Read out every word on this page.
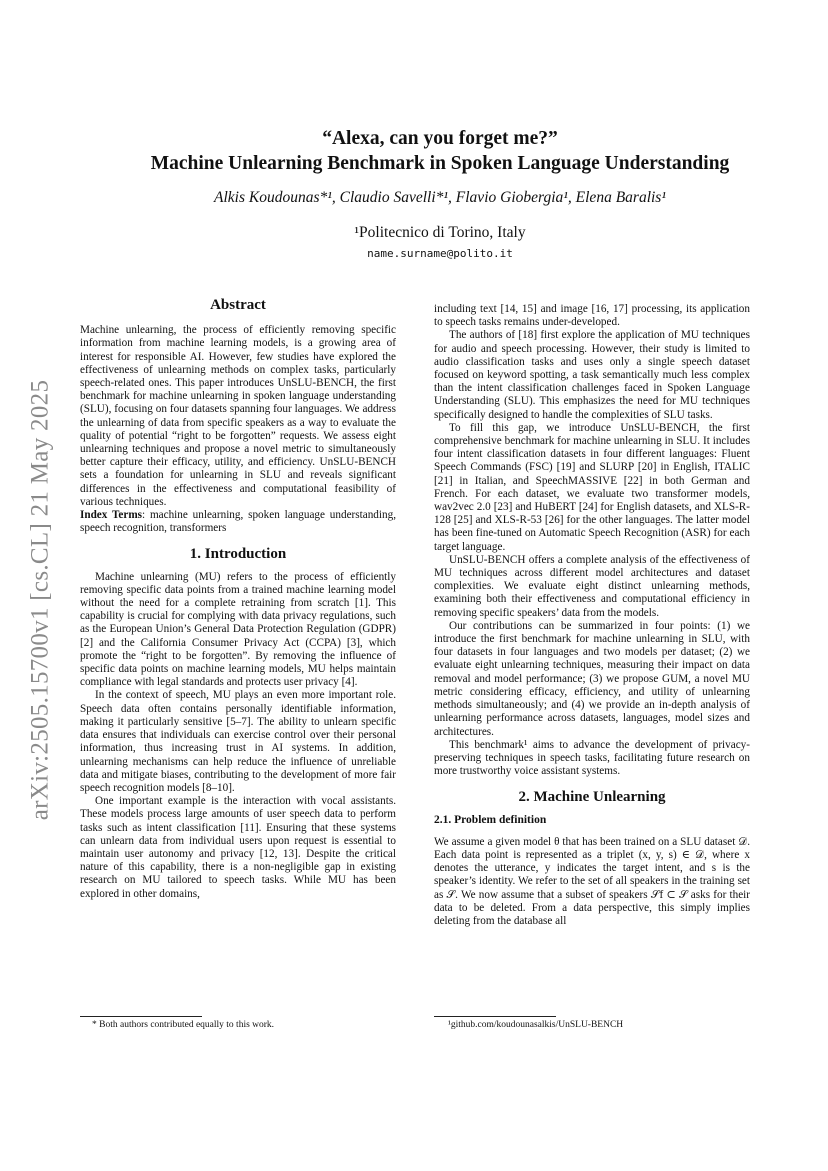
arXiv:2505.15700v1 [cs.CL] 21 May 2025
“Alexa, can you forget me?”
Machine Unlearning Benchmark in Spoken Language Understanding
Alkis Koudounas*¹, Claudio Savelli*¹, Flavio Giobergia¹, Elena Baralis¹
¹Politecnico di Torino, Italy
name.surname@polito.it
Abstract

Machine unlearning, the process of efficiently removing specific information from machine learning models, is a growing area of interest for responsible AI. However, few studies have explored the effectiveness of unlearning methods on complex tasks, particularly speech-related ones. This paper introduces UnSLU-BENCH, the first benchmark for machine unlearning in spoken language understanding (SLU), focusing on four datasets spanning four languages. We address the unlearning of data from specific speakers as a way to evaluate the quality of potential “right to be forgotten” requests. We assess eight unlearning techniques and propose a novel metric to simultaneously better capture their efficacy, utility, and efficiency. UnSLU-BENCH sets a foundation for unlearning in SLU and reveals significant differences in the effectiveness and computational feasibility of various techniques.

Index Terms: machine unlearning, spoken language understanding, speech recognition, transformers

1. Introduction

Machine unlearning (MU) refers to the process of efficiently removing specific data points from a trained machine learning model without the need for a complete retraining from scratch [1]. This capability is crucial for complying with data privacy regulations, such as the European Union’s General Data Protection Regulation (GDPR) [2] and the California Consumer Privacy Act (CCPA) [3], which promote the “right to be forgotten”. By removing the influence of specific data points on machine learning models, MU helps maintain compliance with legal standards and protects user privacy [4].

In the context of speech, MU plays an even more important role. Speech data often contains personally identifiable information, making it particularly sensitive [5–7]. The ability to unlearn specific data ensures that individuals can exercise control over their personal information, thus increasing trust in AI systems. In addition, unlearning mechanisms can help reduce the influence of unreliable data and mitigate biases, contributing to the development of more fair speech recognition models [8–10].

One important example is the interaction with vocal assistants. These models process large amounts of user speech data to perform tasks such as intent classification [11]. Ensuring that these systems can unlearn data from individual users upon request is essential to maintain user autonomy and privacy [12, 13]. Despite the critical nature of this capability, there is a non-negligible gap in existing research on MU tailored to speech tasks. While MU has been explored in other domains,

including text [14, 15] and image [16, 17] processing, its application to speech tasks remains under-developed.

The authors of [18] first explore the application of MU techniques for audio and speech processing. However, their study is limited to audio classification tasks and uses only a single speech dataset focused on keyword spotting, a task semantically much less complex than the intent classification challenges faced in Spoken Language Understanding (SLU). This emphasizes the need for MU techniques specifically designed to handle the complexities of SLU tasks.

To fill this gap, we introduce UnSLU-BENCH, the first comprehensive benchmark for machine unlearning in SLU. It includes four intent classification datasets in four different languages: Fluent Speech Commands (FSC) [19] and SLURP [20] in English, ITALIC [21] in Italian, and SpeechMASSIVE [22] in both German and French. For each dataset, we evaluate two transformer models, wav2vec 2.0 [23] and HuBERT [24] for English datasets, and XLS-R-128 [25] and XLS-R-53 [26] for the other languages. The latter model has been fine-tuned on Automatic Speech Recognition (ASR) for each target language.

UnSLU-BENCH offers a complete analysis of the effectiveness of MU techniques across different model architectures and dataset complexities. We evaluate eight distinct unlearning methods, examining both their effectiveness and computational efficiency in removing specific speakers’ data from the models.

Our contributions can be summarized in four points: (1) we introduce the first benchmark for machine unlearning in SLU, with four datasets in four languages and two models per dataset; (2) we evaluate eight unlearning techniques, measuring their impact on data removal and model performance; (3) we propose GUM, a novel MU metric considering efficacy, efficiency, and utility of unlearning methods simultaneously; and (4) we provide an in-depth analysis of unlearning performance across datasets, languages, model sizes and architectures.

This benchmark¹ aims to advance the development of privacy-preserving techniques in speech tasks, facilitating future research on more trustworthy voice assistant systems.

2. Machine Unlearning
2.1. Problem definition

We assume a given model θ that has been trained on a SLU dataset 𝒟. Each data point is represented as a triplet (x, y, s) ∈ 𝒟, where x denotes the utterance, y indicates the target intent, and s is the speaker’s identity. We refer to the set of all speakers in the training set as 𝒮. We now assume that a subset of speakers 𝒮f ⊂ 𝒮 asks for their data to be deleted. From a data perspective, this simply implies deleting from the database all

* Both authors contributed equally to this work.	¹github.com/koudounasalkis/UnSLU-BENCH
